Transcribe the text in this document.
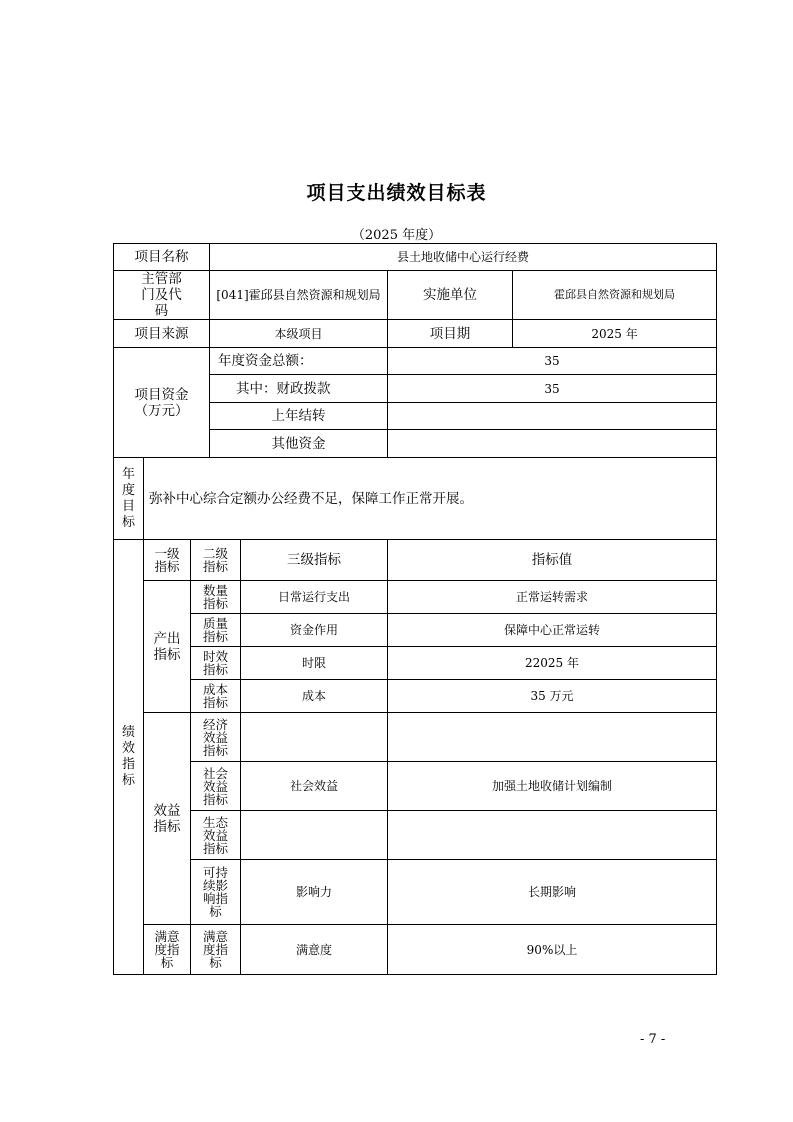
项目支出绩效目标表
（2025 年度）
项目名称			县土地收储中心运行经费			
主管部门及代码			[041]霍邱县自然资源和规划局		实施单位	霍邱县自然资源和规划局
项目来源			本级项目		项目期	2025 年
项目资金（万元）			年度资金总额：		35	
			其中：财政拨款		35	
			上年结转			
			其他资金			
年度目标	弥补中心综合定额办公经费不足，保障工作正常开展。					
绩效指标	一级指标	二级指标		三级指标	指标值	
	产出指标	数量指标		日常运行支出	正常运转需求	
		质量指标		资金作用	保障中心正常运转	
		时效指标		时限	22025 年	
		成本指标		成本	35 万元	
	效益指标	经济效益指标				
		社会效益指标		社会效益	加强土地收储计划编制	
		生态效益指标				
		可持续影响指标		影响力	长期影响	
	满意度指标	满意度指标		满意度	90%以上	
- 7 -
